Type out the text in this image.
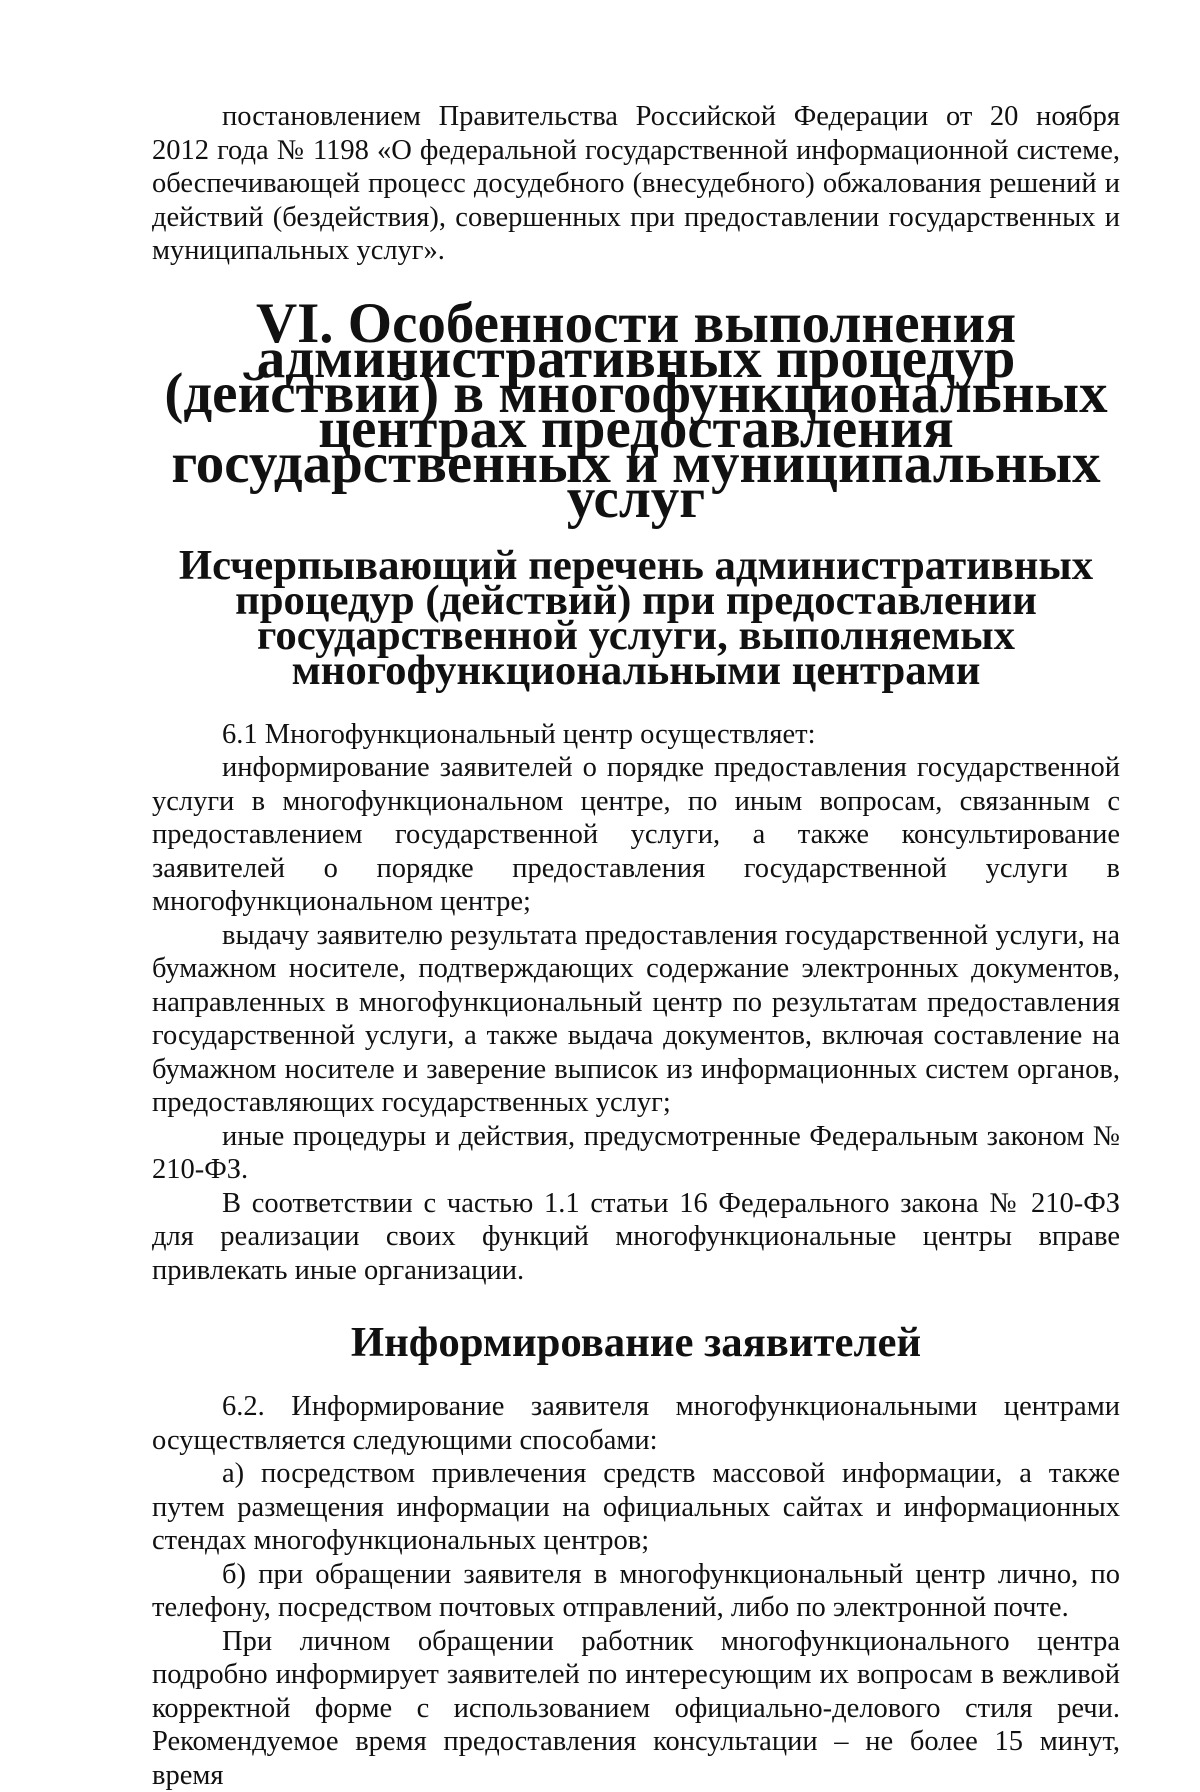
постановлением Правительства Российской Федерации от 20 ноября 2012 года № 1198 «О федеральной государственной информационной системе, обеспечивающей процесс досудебного (внесудебного) обжалования решений и действий (бездействия), совершенных при предоставлении государственных и муниципальных услуг».

VI. Особенности выполнения административных процедур (действий) в многофункциональных центрах предоставления государственных и муниципальных услуг
Исчерпывающий перечень административных процедур (действий) при предоставлении государственной услуги, выполняемых многофункциональными центрами

6.1 Многофункциональный центр осуществляет:

информирование заявителей о порядке предоставления государственной услуги в многофункциональном центре, по иным вопросам, связанным с предоставлением государственной услуги, а также консультирование заявителей о порядке предоставления государственной услуги в многофункциональном центре;

выдачу заявителю результата предоставления государственной услуги, на бумажном носителе, подтверждающих содержание электронных документов, направленных в многофункциональный центр по результатам предоставления государственной услуги, а также выдача документов, включая составление на бумажном носителе и заверение выписок из информационных систем органов, предоставляющих государственных услуг;

иные процедуры и действия, предусмотренные Федеральным законом № 210-ФЗ.

В соответствии с частью 1.1 статьи 16 Федерального закона № 210-ФЗ для реализации своих функций многофункциональные центры вправе привлекать иные организации.

Информирование заявителей

6.2. Информирование заявителя многофункциональными центрами осуществляется следующими способами:

а) посредством привлечения средств массовой информации, а также путем размещения информации на официальных сайтах и информационных стендах многофункциональных центров;

б) при обращении заявителя в многофункциональный центр лично, по телефону, посредством почтовых отправлений, либо по электронной почте.

При личном обращении работник многофункционального центра подробно информирует заявителей по интересующим их вопросам в вежливой корректной форме с использованием официально-делового стиля речи. Рекомендуемое время предоставления консультации – не более 15 минут, время
